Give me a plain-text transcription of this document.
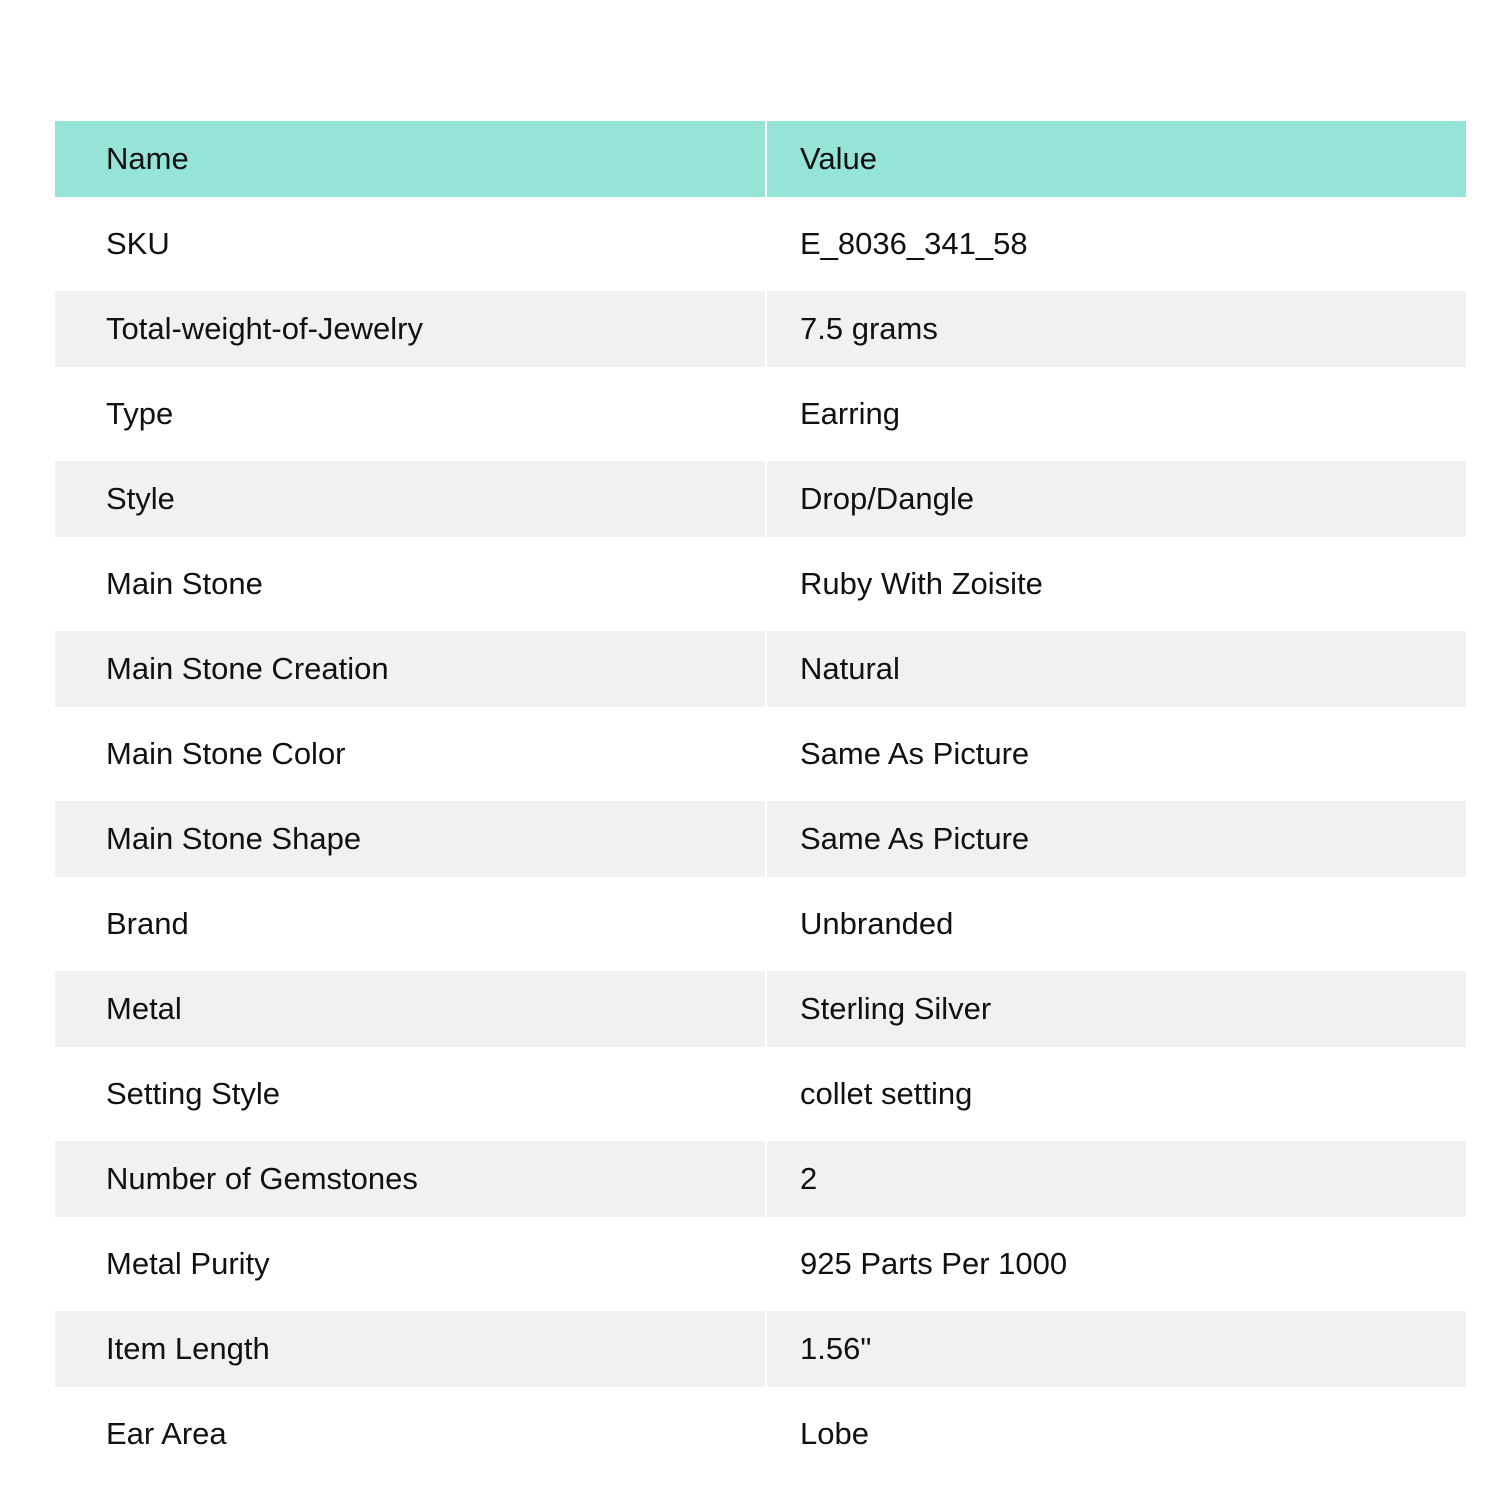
Name	Value
SKU	E_8036_341_58
Total-weight-of-Jewelry	7.5 grams
Type	Earring
Style	Drop/Dangle
Main Stone	Ruby With Zoisite
Main Stone Creation	Natural
Main Stone Color	Same As Picture
Main Stone Shape	Same As Picture
Brand	Unbranded
Metal	Sterling Silver
Setting Style	collet setting
Number of Gemstones	2
Metal Purity	925 Parts Per 1000
Item Length	1.56"
Ear Area	Lobe
